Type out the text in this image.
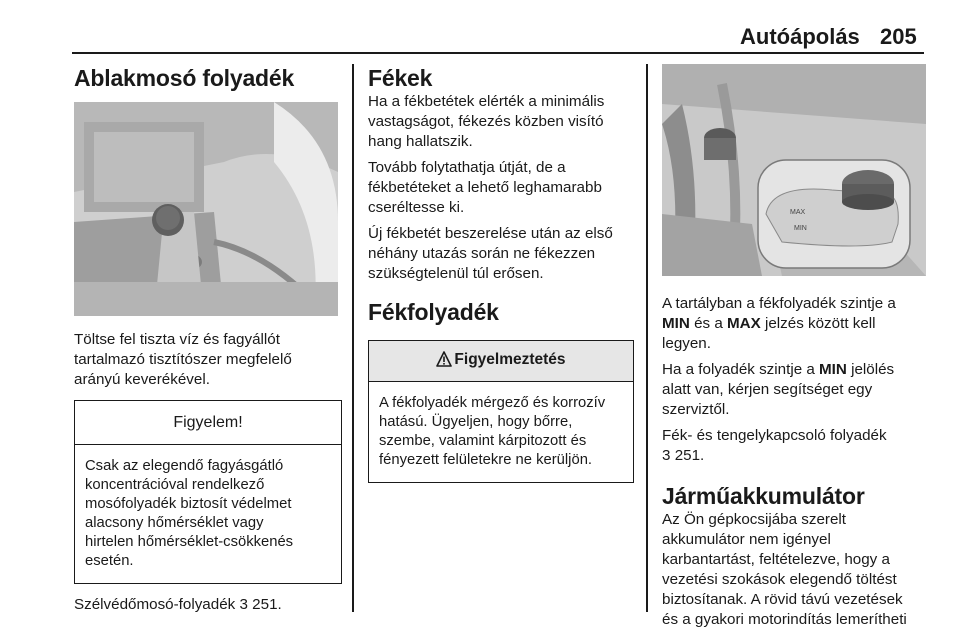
Autóápolás 205
Ablakmosó folyadék

Töltse fel tiszta víz és fagyállót
tartalmazó tisztítószer megfelelő
arányú keverékével.

Figyelem!

Csak az elegendő fagyásgátló
koncentrációval rendelkező
mosófolyadék biztosít védelmet
alacsony hőmérséklet vagy
hirtelen hőmérséklet-csökkenés
esetén.

Szélvédőmosó-folyadék 3 251.

Fékek

Ha a fékbetétek elérték a minimális
vastagságot, fékezés közben visító
hang hallatszik.

Tovább folytathatja útját, de a
fékbetéteket a lehető leghamarabb
cseréltesse ki.

Új fékbetét beszerelése után az első
néhány utazás során ne fékezzen
szükségtelenül túl erősen.

Fékfolyadék
Figyelmeztetés

A fékfolyadék mérgező és korrozív
hatású. Ügyeljen, hogy bőrre,
szembe, valamint kárpitozott és
fényezett felületekre ne kerüljön.

MAX
MIN

A tartályban a fékfolyadék szintje a
MIN és a MAX jelzés között kell
legyen.

Ha a folyadék szintje a MIN jelölés
alatt van, kérjen segítséget egy
szerviztől.

Fék- és tengelykapcsoló folyadék
3 251.

Járműakkumulátor

Az Ön gépkocsijába szerelt
akkumulátor nem igényel
karbantartást, feltételezve, hogy a
vezetési szokások elegendő töltést
biztosítanak. A rövid távú vezetések
és a gyakori motorindítás lemerítheti
